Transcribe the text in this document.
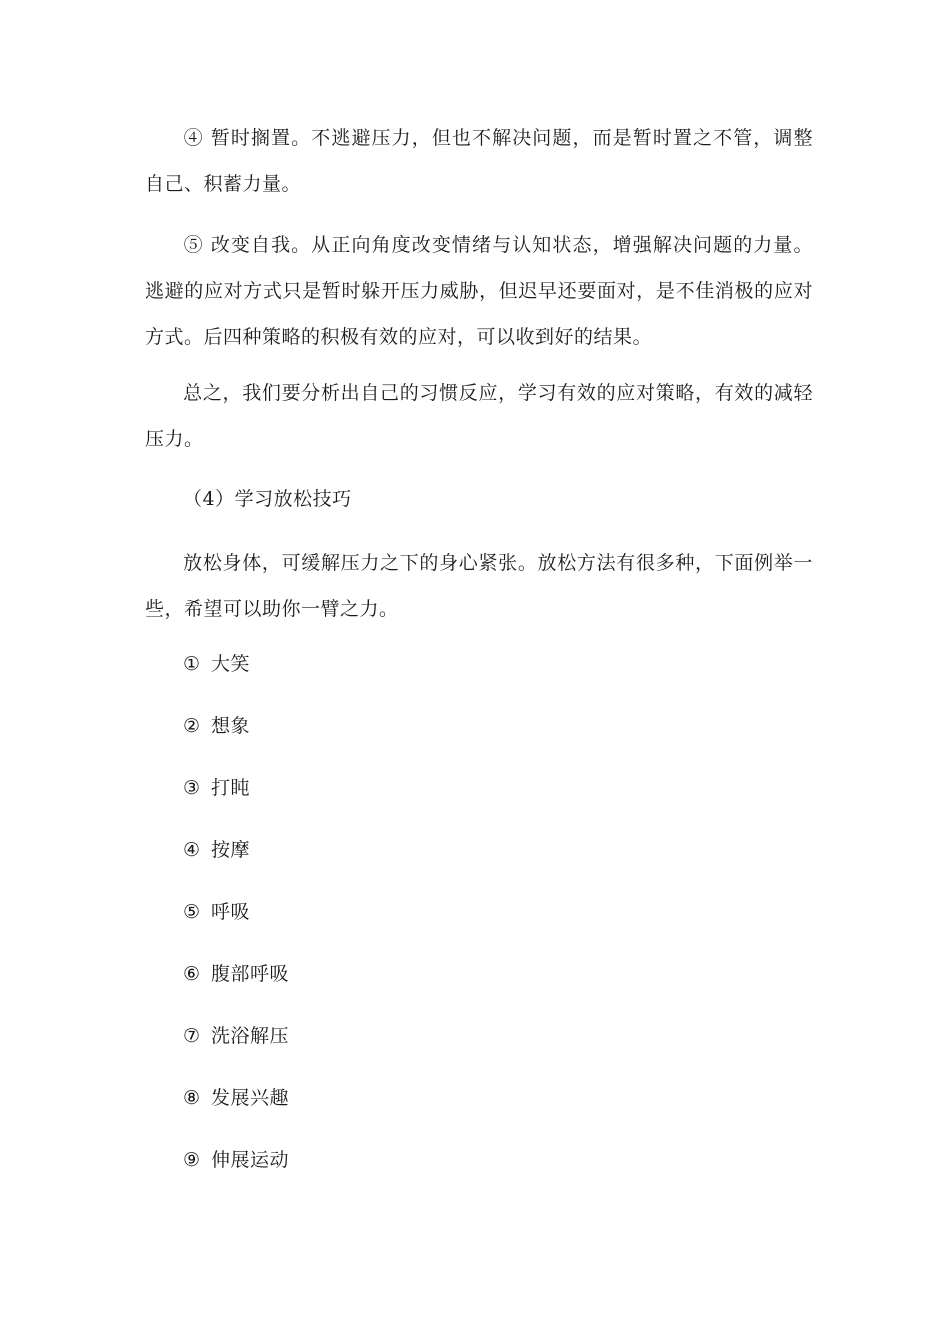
④ 暂时搁置。不逃避压力，但也不解决问题，而是暂时置之不管，调整自己、积蓄力量。
⑤ 改变自我。从正向角度改变情绪与认知状态，增强解决问题的力量。 逃避的应对方式只是暂时躲开压力威胁，但迟早还要面对，是不佳消极的应对方式。后四种策略的积极有效的应对，可以收到好的结果。
总之，我们要分析出自己的习惯反应，学习有效的应对策略，有效的减轻压力。
（4）学习放松技巧
放松身体，可缓解压力之下的身心紧张。放松方法有很多种，下面例举一些，希望可以助你一臂之力。
① 大笑
② 想象
③ 打盹
④ 按摩
⑤ 呼吸
⑥ 腹部呼吸
⑦ 洗浴解压
⑧ 发展兴趣
⑨ 伸展运动
